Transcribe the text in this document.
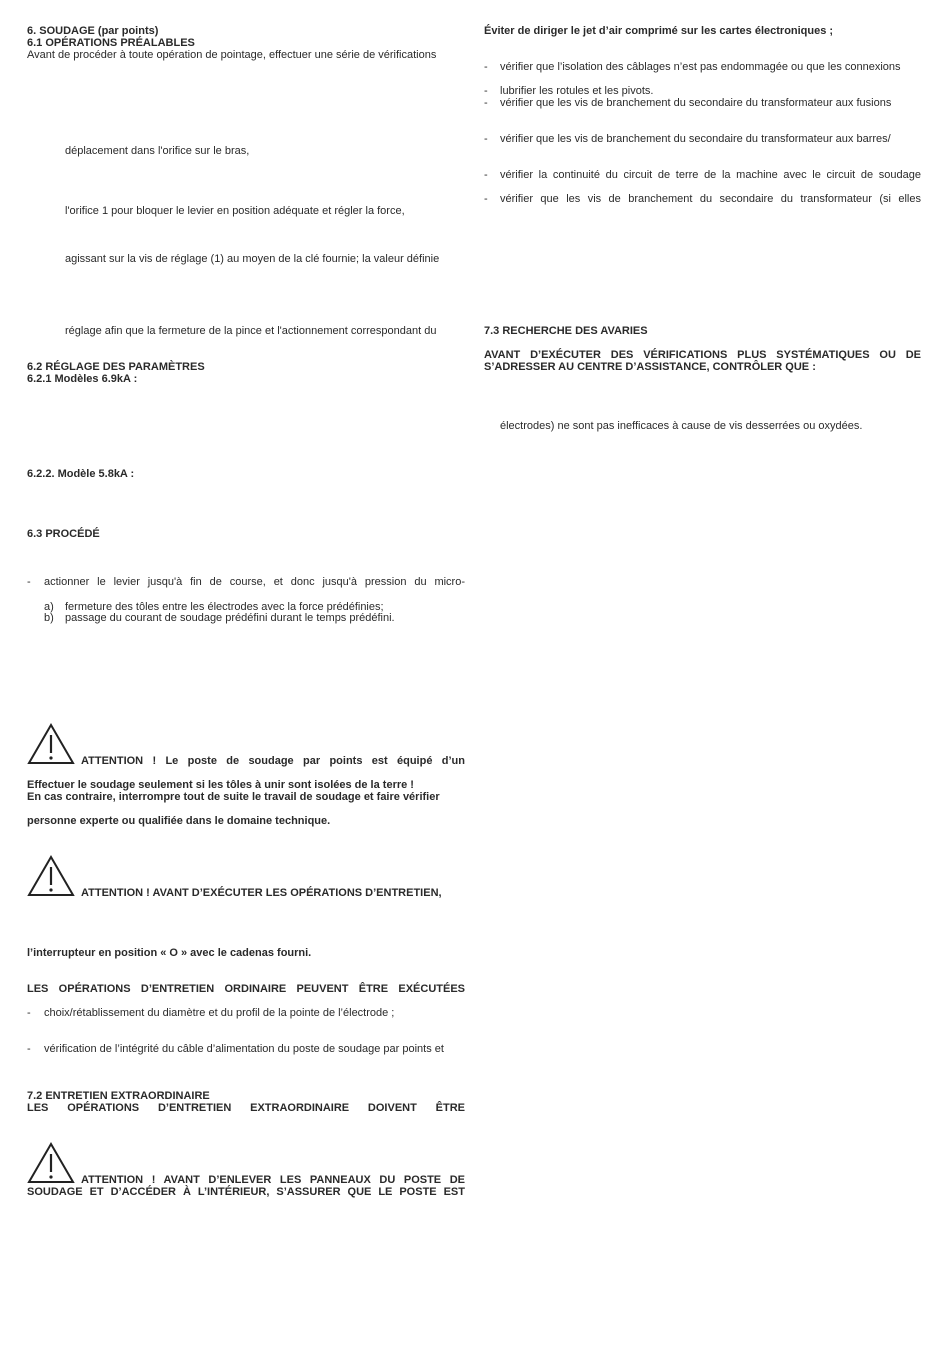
6. SOUDAGE (par points)
6.1 OPÉRATIONS PRÉALABLES
Avant de procéder à toute opération de pointage, effectuer une série de vérifications
déplacement dans l'orifice sur le bras,
l'orifice 1 pour bloquer le levier en position adéquate et régler la force,
agissant sur la vis de réglage (1) au moyen de la clé fournie; la valeur définie
réglage afin que la fermeture de la pince et l'actionnement correspondant du
6.2 RÉGLAGE DES PARAMÈTRES
6.2.1 Modèles 6.9kA :
6.2.2. Modèle 5.8kA :
6.3 PROCÉDÉ
- actionner le levier jusqu'à fin de course, et donc jusqu'à pression du micro-
a) fermeture des tôles entre les électrodes avec la force prédéfinies;
b) passage du courant de soudage prédéfini durant le temps prédéfini.
ATTENTION ! Le poste de soudage par points est équipé d’un
Effectuer le soudage seulement si les tôles à unir sont isolées de la terre !
En cas contraire, interrompre tout de suite le travail de soudage et faire vérifier
personne experte ou qualifiée dans le domaine technique.
ATTENTION ! AVANT D’EXÉCUTER LES OPÉRATIONS D’ENTRETIEN,
l’interrupteur en position « O » avec le cadenas fourni.
LES OPÉRATIONS D’ENTRETIEN ORDINAIRE PEUVENT ÊTRE EXÉCUTÉES
- choix/rétablissement du diamètre et du profil de la pointe de l’électrode ;
- vérification de l’intégrité du câble d’alimentation du poste de soudage par points et
7.2 ENTRETIEN EXTRAORDINAIRE
LES OPÉRATIONS D’ENTRETIEN EXTRAORDINAIRE DOIVENT ÊTRE
ATTENTION ! AVANT D’ENLEVER LES PANNEAUX DU POSTE DE
SOUDAGE ET D’ACCÉDER À L’INTÉRIEUR, S’ASSURER QUE LE POSTE EST
Éviter de diriger le jet d’air comprimé sur les cartes électroniques ;
- vérifier que l’isolation des câblages n’est pas endommagée ou que les connexions
- lubrifier les rotules et les pivots.
- vérifier que les vis de branchement du secondaire du transformateur aux fusions
- vérifier que les vis de branchement du secondaire du transformateur aux barres/
- vérifier la continuité du circuit de terre de la machine avec le circuit de soudage
- vérifier que les vis de branchement du secondaire du transformateur (si elles
7.3 RECHERCHE DES AVARIES
AVANT D’EXÉCUTER DES VÉRIFICATIONS PLUS SYSTÉMATIQUES OU DE
S’ADRESSER AU CENTRE D’ASSISTANCE, CONTRÔLER QUE :
électrodes) ne sont pas inefficaces à cause de vis desserrées ou oxydées.
